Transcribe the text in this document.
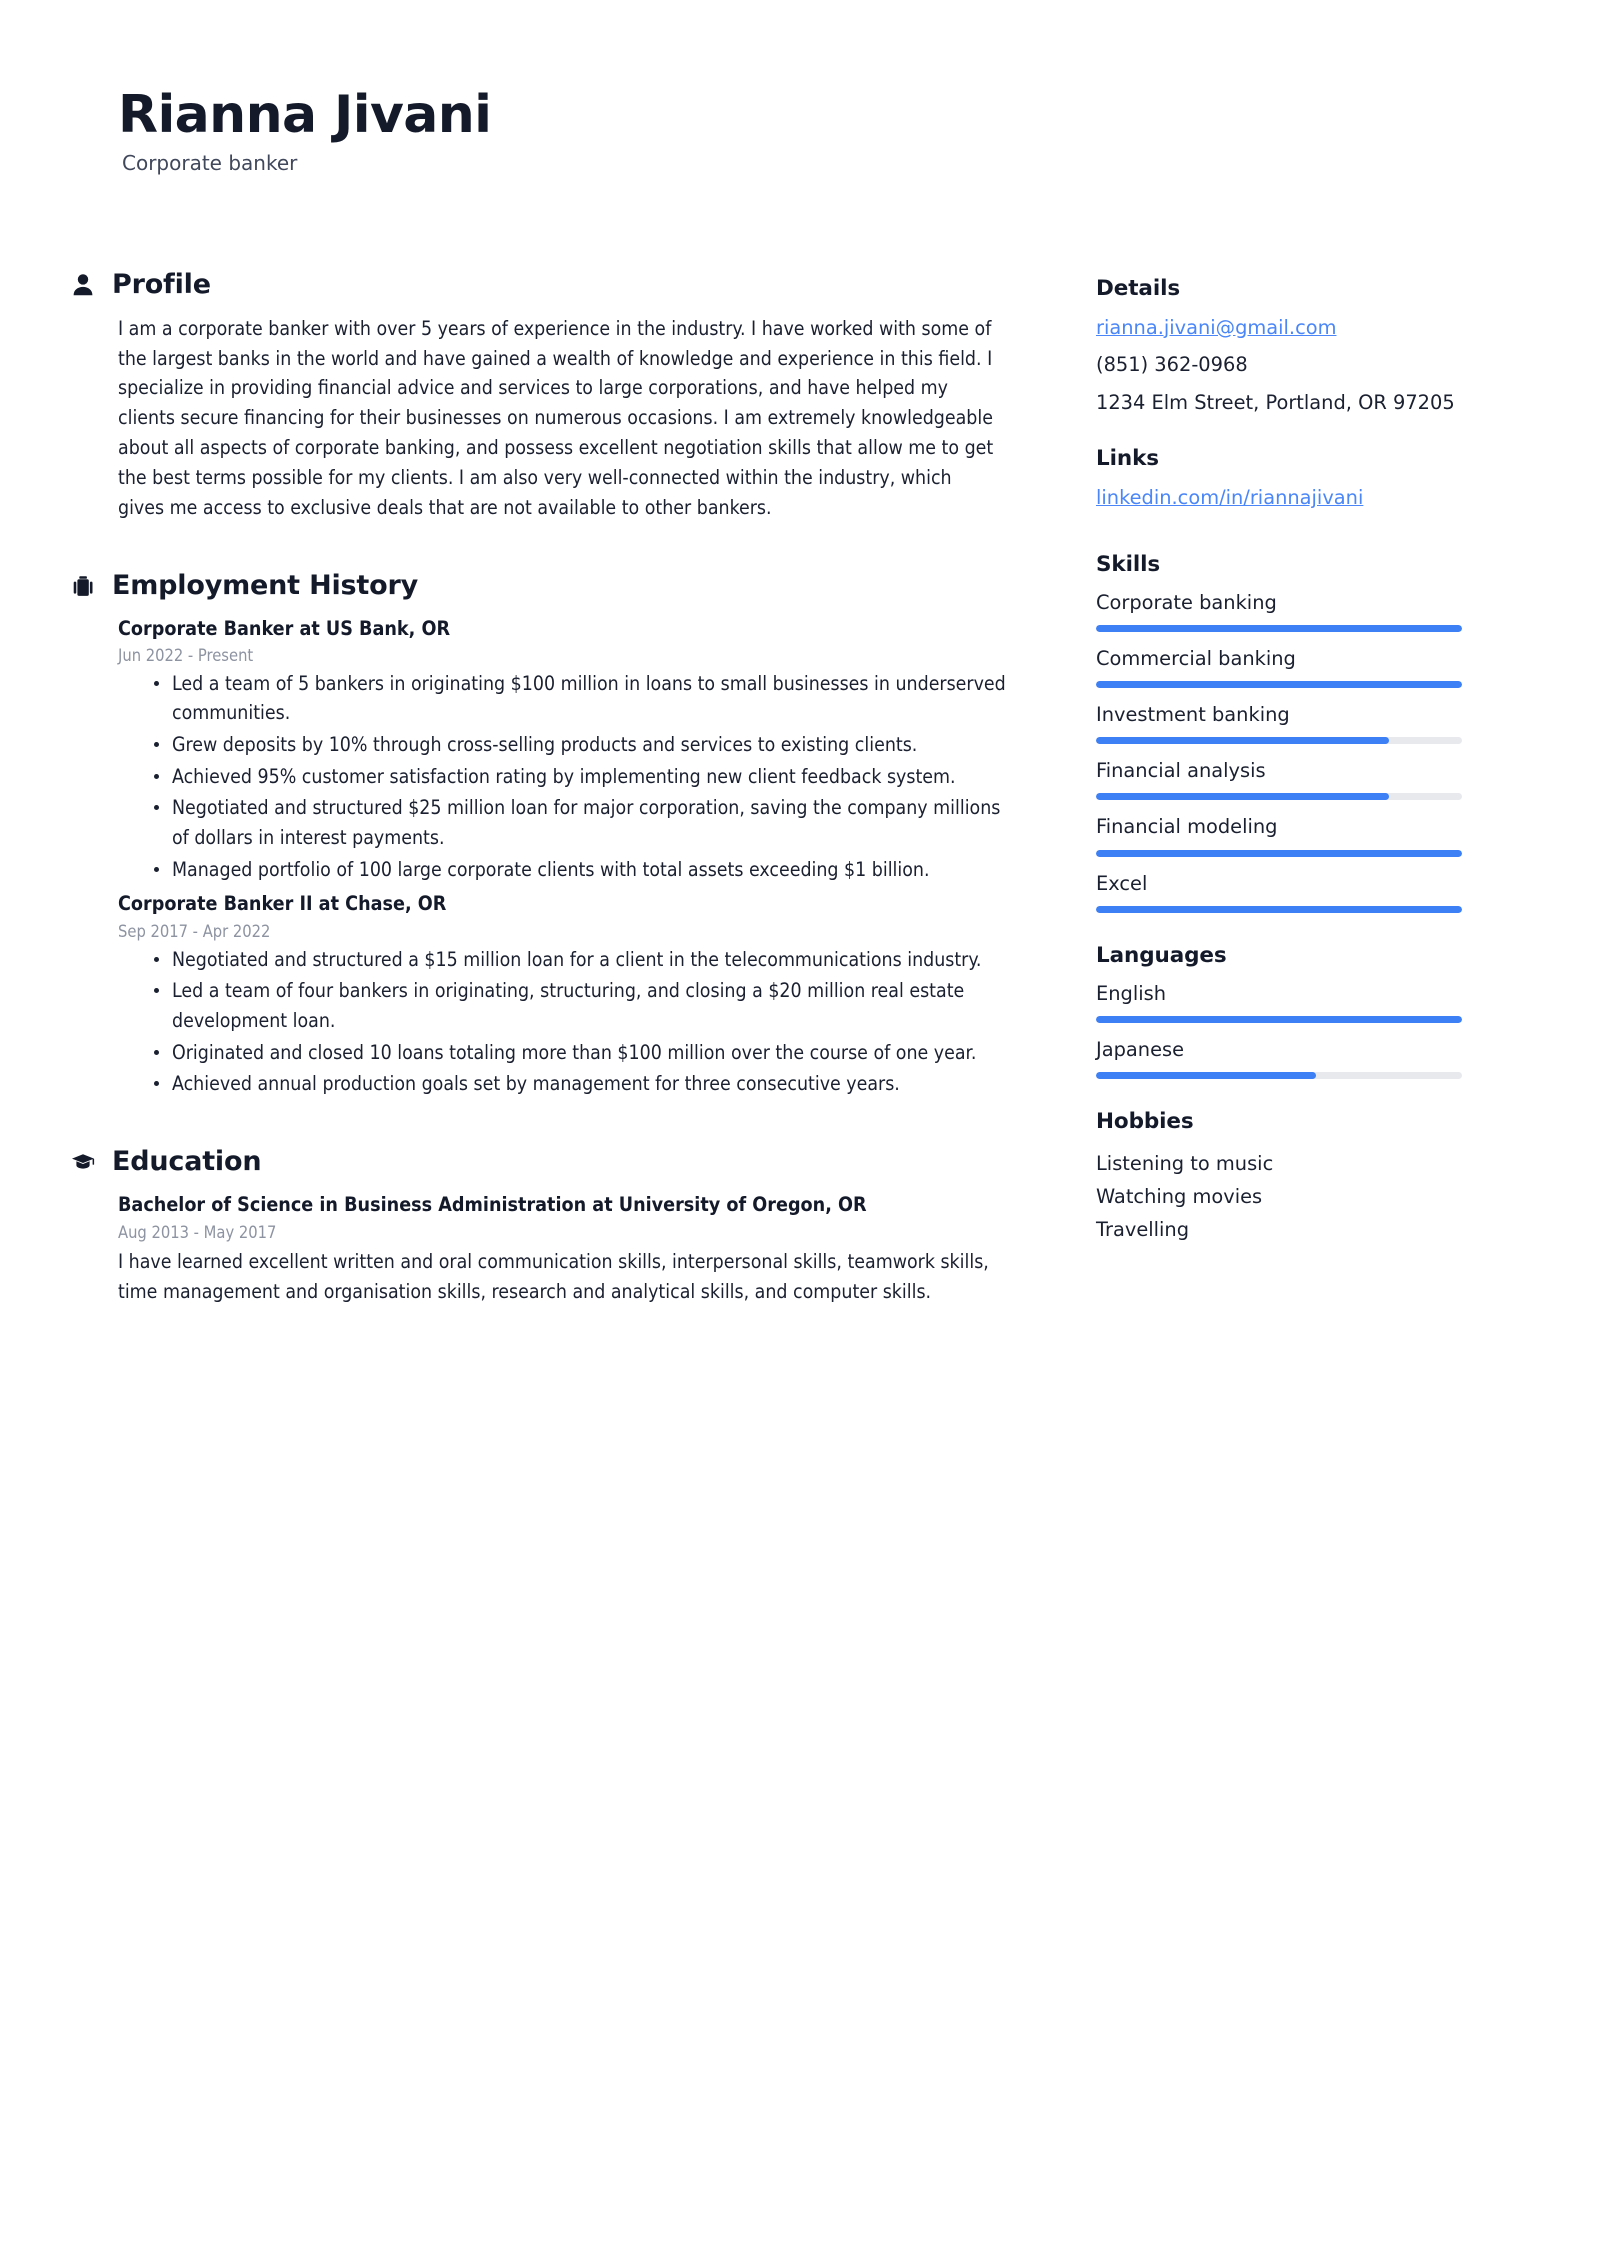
Rianna Jivani
Corporate banker
Profile

I am a corporate banker with over 5 years of experience in the industry. I have worked with some of the largest banks in the world and have gained a wealth of knowledge and experience in this field. I specialize in providing financial advice and services to large corporations, and have helped my clients secure financing for their businesses on numerous occasions. I am extremely knowledgeable about all aspects of corporate banking, and possess excellent negotiation skills that allow me to get the best terms possible for my clients. I am also very well-connected within the industry, which gives me access to exclusive deals that are not available to other bankers.

Employment History
Corporate Banker at US Bank, OR
Jun 2022 - Present
Led a team of 5 bankers in originating $100 million in loans to small businesses in underserved communities.
Grew deposits by 10% through cross-selling products and services to existing clients.
Achieved 95% customer satisfaction rating by implementing new client feedback system.
Negotiated and structured $25 million loan for major corporation, saving the company millions of dollars in interest payments.
Managed portfolio of 100 large corporate clients with total assets exceeding $1 billion.
Corporate Banker II at Chase, OR
Sep 2017 - Apr 2022
Negotiated and structured a $15 million loan for a client in the telecommunications industry.
Led a team of four bankers in originating, structuring, and closing a $20 million real estate development loan.
Originated and closed 10 loans totaling more than $100 million over the course of one year.
Achieved annual production goals set by management for three consecutive years.
Education
Bachelor of Science in Business Administration at University of Oregon, OR
Aug 2013 - May 2017

I have learned excellent written and oral communication skills, interpersonal skills, teamwork skills, time management and organisation skills, research and analytical skills, and computer skills.

Details
rianna.jivani@gmail.com
(851) 362-0968
1234 Elm Street, Portland, OR 97205
Links
linkedin.com/in/riannajivani
Skills
Corporate banking
Commercial banking
Investment banking
Financial analysis
Financial modeling
Excel
Languages
English
Japanese
Hobbies
Listening to music
Watching movies
Travelling
